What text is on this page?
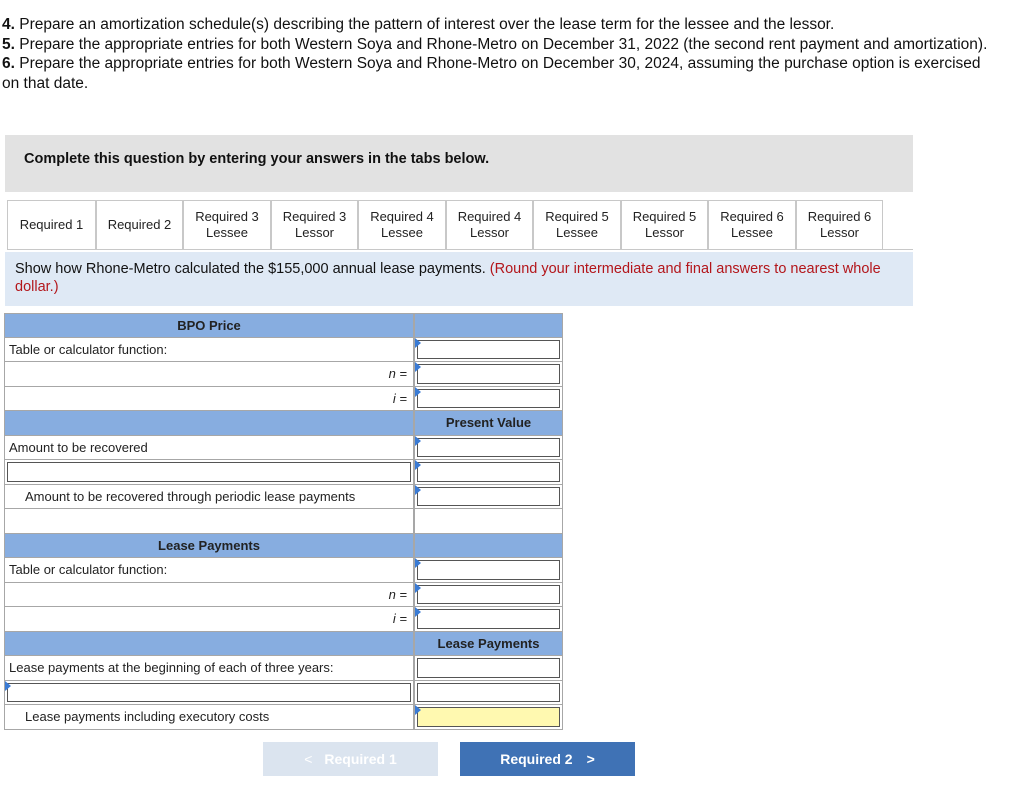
4. Prepare an amortization schedule(s) describing the pattern of interest over the lease term for the lessee and the lessor.

5. Prepare the appropriate entries for both Western Soya and Rhone-Metro on December 31, 2022 (the second rent payment and amortization).

6. Prepare the appropriate entries for both Western Soya and Rhone-Metro on December 30, 2024, assuming the purchase option is exercised on that date.

Complete this question by entering your answers in the tabs below.
Required 1 Required 2
Required 3
Lessee
Required 3
Lessor
Required 4
Lessee
Required 4
Lessor
Required 5
Lessee
Required 5
Lessor
Required 6
Lessee
Required 6
Lessor
Show how Rhone-Metro calculated the $155,000 annual lease payments. (Round your intermediate and final answers to nearest whole dollar.)
BPO Price
Table or calculator function:
n =
i =
Present Value
Amount to be recovered
Amount to be recovered through periodic lease payments
Lease Payments
Table or calculator function:
n =
i =
Lease Payments
Lease payments at the beginning of each of three years:
Lease payments including executory costs
< Required 1	Required 2 >
